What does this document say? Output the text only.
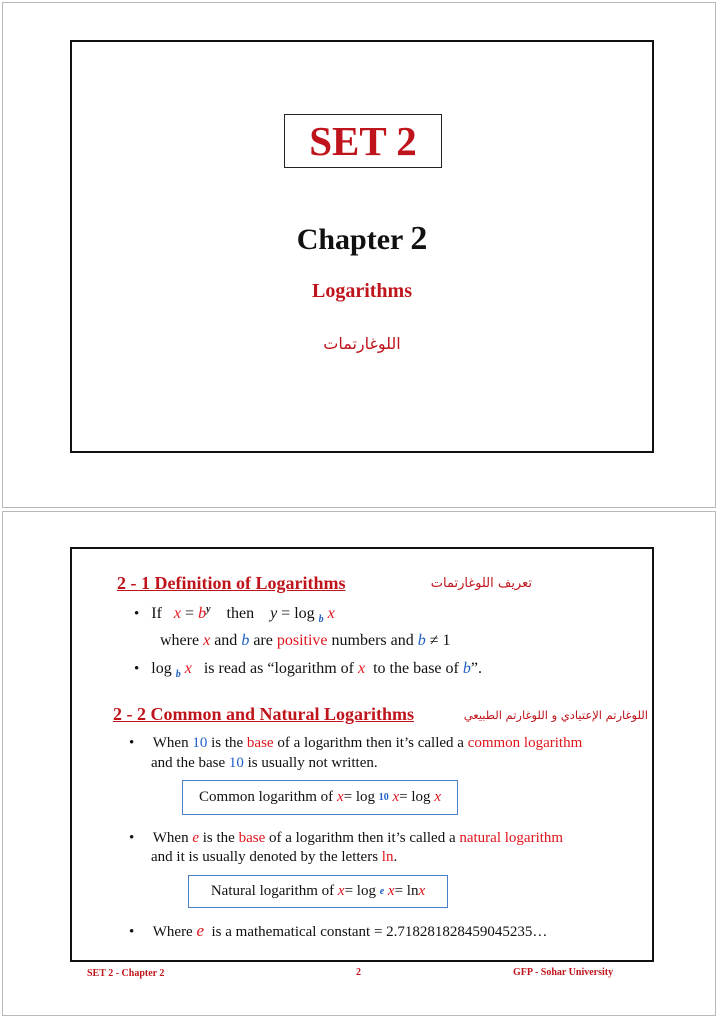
SET 2
Chapter 2
Logarithms
اللوغارتمات
2 - 1 Definition of Logarithms	تعريف اللوغارتمات
• If $x = b^y$ then y = log $_b$ x
where x and b are positive numbers and b ≠ 1
• log $_b$ x   is read as “logarithm of x  to the base of b”.
2 - 2 Common and Natural Logarithms	اللوغارتم الإعتيادي و اللوغارتم الطبيعي
• When 10 is the base of a logarithm then it’s called a common logarithm
and the base 10 is usually not written.
Common logarithm of
x = log
10
x = log
x
• When e is the base of a logarithm then it’s called a natural logarithm
and it is usually denoted by the letters ln.
Natural logarithm of
x = log
e
x = ln x
• Where e  is a mathematical constant = 2.718281828459045235…
SET 2 - Chapter 2	2	GFP - Sohar University
